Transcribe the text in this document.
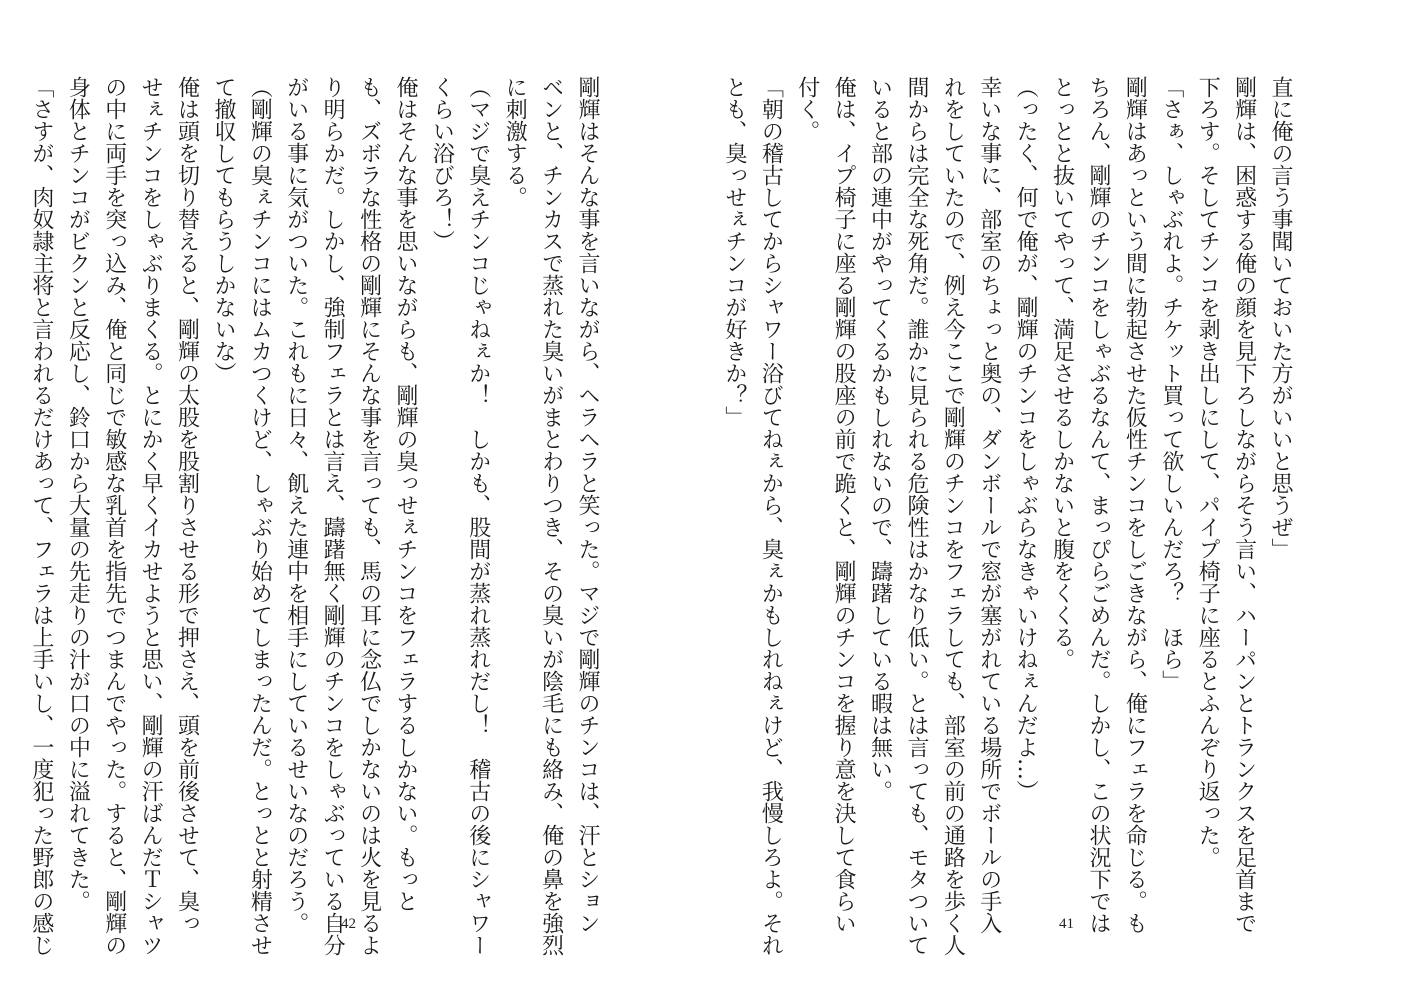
剛輝はそんな事を言いながら、ヘラヘラと笑った。マジで剛輝のチンコは、汗とション
ベンと、チンカスで蒸れた臭いがまとわりつき、その臭いが陰毛にも絡み、俺の鼻を強烈
に刺激する。
（マジで臭えチンコじゃねぇか！　しかも、股間が蒸れ蒸れだし！　稽古の後にシャワー
くらい浴びろ！）
俺はそんな事を思いながらも、剛輝の臭っせぇチンコをフェラするしかない。もっと
も、ズボラな性格の剛輝にそんな事を言っても、馬の耳に念仏でしかないのは火を見るよ
り明らかだ。しかし、強制フェラとは言え、躊躇無く剛輝のチンコをしゃぶっている自分
がいる事に気がついた。これもに日々、飢えた連中を相手にしているせいなのだろう。
（剛輝の臭ぇチンコにはムカつくけど、しゃぶり始めてしまったんだ。とっとと射精させ
て撤収してもらうしかないな）
俺は頭を切り替えると、剛輝の太股を股割りさせる形で押さえ、頭を前後させて、臭っ
せぇチンコをしゃぶりまくる。とにかく早くイカせようと思い、剛輝の汗ばんだＴシャツ
の中に両手を突っ込み、俺と同じで敏感な乳首を指先でつまんでやった。すると、剛輝の
身体とチンコがビクンと反応し、鈴口から大量の先走りの汁が口の中に溢れてきた。
「さすが、肉奴隷主将と言われるだけあって、フェラは上手いし、一度犯った野郎の感じ	42
直に俺の言う事聞いておいた方がいいと思うぜ」
剛輝は、困惑する俺の顔を見下ろしながらそう言い、ハーパンとトランクスを足首まで
下ろす。そしてチンコを剥き出しにして、パイプ椅子に座るとふんぞり返った。
「さぁ、しゃぶれよ。チケット買って欲しいんだろ？　ほら」
剛輝はあっという間に勃起させた仮性チンコをしごきながら、俺にフェラを命じる。も
ちろん、剛輝のチンコをしゃぶるなんて、まっぴらごめんだ。しかし、この状況下では
とっとと抜いてやって、満足させるしかないと腹をくくる。
（ったく、何で俺が、剛輝のチンコをしゃぶらなきゃいけねぇんだよ…）
幸いな事に、部室のちょっと奥の、ダンボールで窓が塞がれている場所でボールの手入
れをしていたので、例え今ここで剛輝のチンコをフェラしても、部室の前の通路を歩く人
間からは完全な死角だ。誰かに見られる危険性はかなり低い。とは言っても、モタついて
いると部の連中がやってくるかもしれないので、躊躇している暇は無い。
俺は、イプ椅子に座る剛輝の股座の前で跪くと、剛輝のチンコを握り意を決して食らい
付く。
「朝の稽古してからシャワー浴びてねぇから、臭ぇかもしれねぇけど、我慢しろよ。それ
とも、臭っせぇチンコが好きか？」
41
